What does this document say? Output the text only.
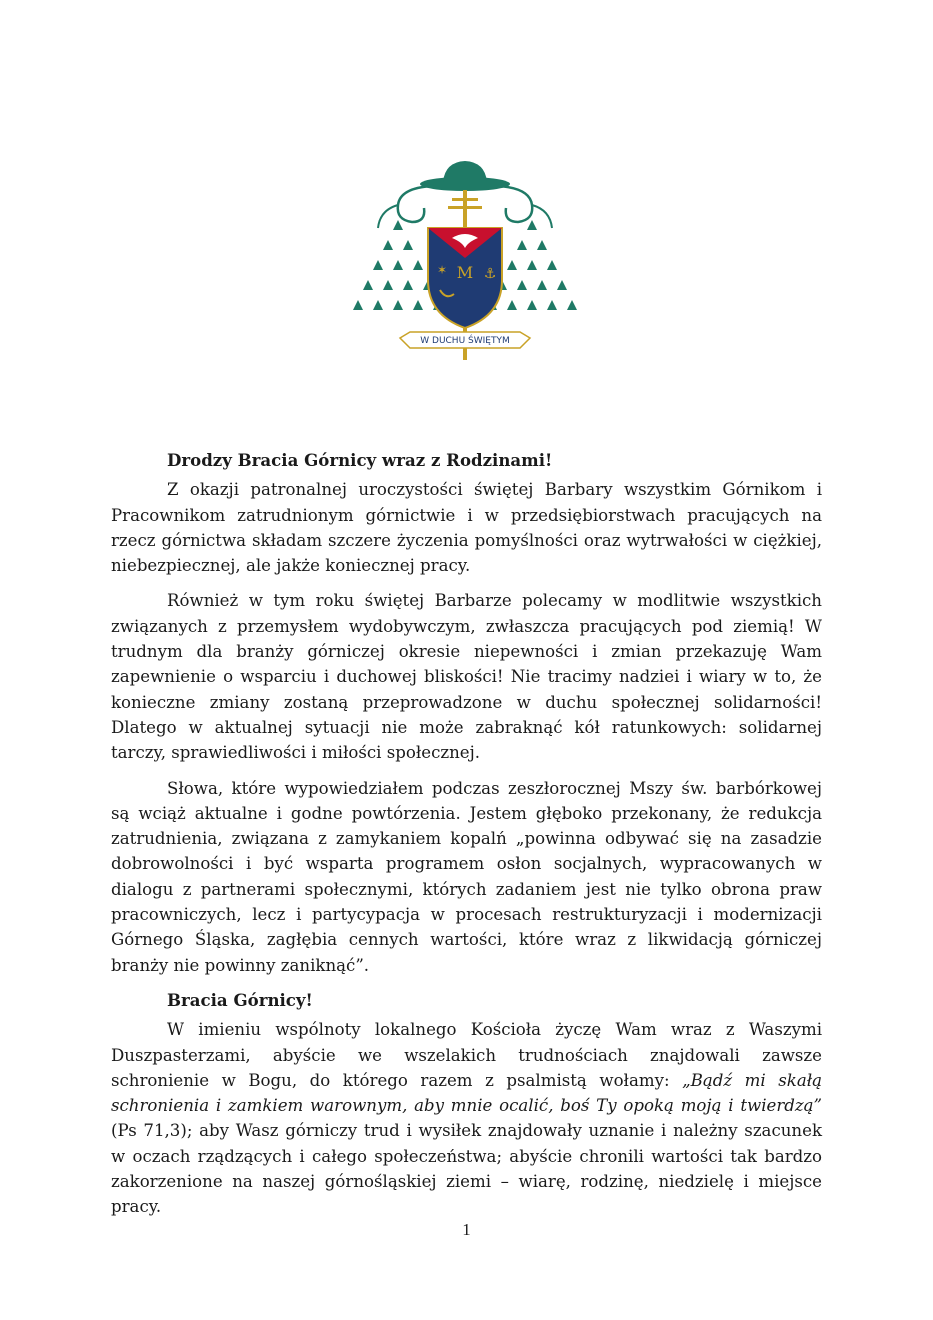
M
✶	⚓
W DUCHU ŚWIĘTYM

Drodzy Bracia Górnicy wraz z Rodzinami!

Z okazji patronalnej uroczystości świętej Barbary wszystkim Górnikom i Pracownikom zatrudnionym górnictwie i w przedsiębiorstwach pracujących na rzecz górnictwa składam szczere życzenia pomyślności oraz wytrwałości w ciężkiej, niebezpiecznej, ale jakże koniecznej pracy.

Również w tym roku świętej Barbarze polecamy w modlitwie wszystkich związanych z przemysłem wydobywczym, zwłaszcza pracujących pod ziemią! W trudnym dla branży górniczej okresie niepewności i zmian przekazuję Wam zapewnienie o wsparciu i duchowej bliskości! Nie tracimy nadziei i wiary w to, że konieczne zmiany zostaną przeprowadzone w duchu społecznej solidarności! Dlatego w aktualnej sytuacji nie może zabraknąć kół ratunkowych: solidarnej tarczy, sprawiedliwości i miłości społecznej.

Słowa, które wypowiedziałem podczas zeszłorocznej Mszy św. barbórkowej są wciąż aktualne i godne powtórzenia. Jestem głęboko przekonany, że redukcja zatrudnienia, związana z zamykaniem kopalń „powinna odbywać się na zasadzie dobrowolności i być wsparta programem osłon socjalnych, wypracowanych w dialogu z partnerami społecznymi, których zadaniem jest nie tylko obrona praw pracowniczych, lecz i partycypacja w procesach restrukturyzacji i modernizacji Górnego Śląska, zagłębia cennych wartości, które wraz z likwidacją górniczej branży nie powinny zaniknąć”.

Bracia Górnicy!

W imieniu wspólnoty lokalnego Kościoła życzę Wam wraz z Waszymi Duszpasterzami, abyście we wszelakich trudnościach znajdowali zawsze schronienie w Bogu, do którego razem z psalmistą wołamy: „Bądź mi skałą schronienia i zamkiem warownym, aby mnie ocalić, boś Ty opoką moją i twierdzą” (Ps 71,3); aby Wasz górniczy trud i wysiłek znajdowały uznanie i należny szacunek w oczach rządzących i całego społeczeństwa; abyście chronili wartości tak bardzo zakorzenione na naszej górnośląskiej ziemi – wiarę, rodzinę, niedzielę i miejsce pracy.

1
